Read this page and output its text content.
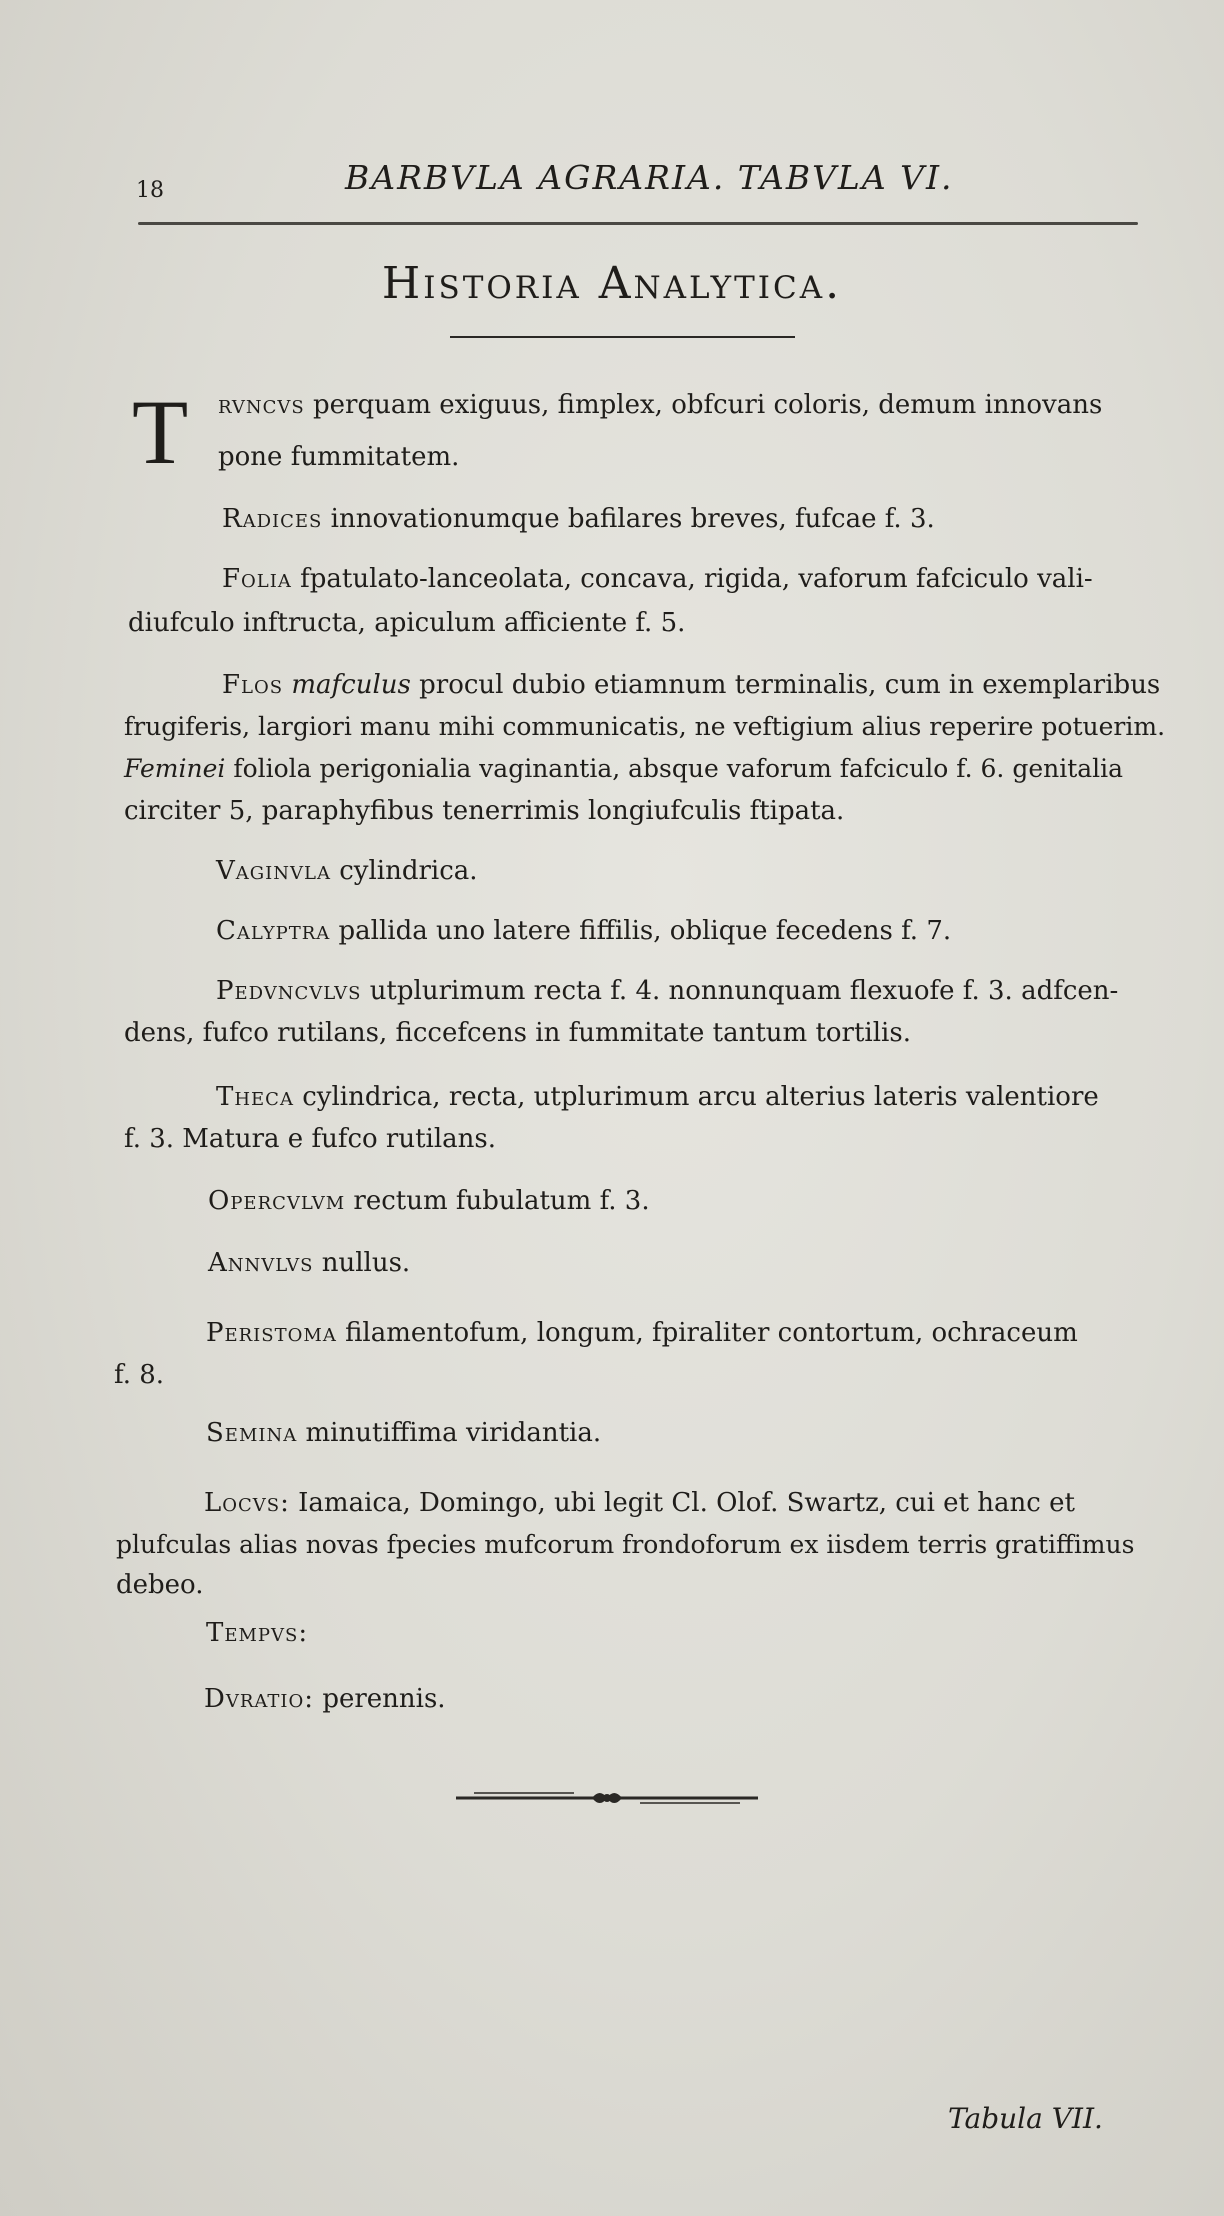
18	BARBVLA AGRARIA. TABVLA VI.
Historia Analytica.
T rvncvs perquam exiguus, fimplex, obfcuri coloris, demum innovans
pone fummitatem.
Radices innovationumque bafilares breves, fufcae f. 3.
Folia fpatulato-lanceolata, concava, rigida, vaforum fafciculo vali-
diufculo inftructa, apiculum afficiente f. 5.
Flos mafculus procul dubio etiamnum terminalis, cum in exemplaribus
frugiferis, largiori manu mihi communicatis, ne veftigium alius reperire potuerim.
Feminei foliola perigonialia vaginantia, absque vaforum fafciculo f. 6. genitalia
circiter 5, paraphyfibus tenerrimis longiufculis ftipata.
Vaginvla cylindrica.
Calyptra pallida uno latere fiffilis, oblique fecedens f. 7.
Pedvncvlvs utplurimum recta f. 4. nonnunquam flexuofe f. 3. adfcen-
dens, fufco rutilans, ficcefcens in fummitate tantum tortilis.
Theca cylindrica, recta, utplurimum arcu alterius lateris valentiore
f. 3. Matura e fufco rutilans.
Opercvlvm rectum fubulatum f. 3.
Annvlvs nullus.
Peristoma filamentofum, longum, fpiraliter contortum, ochraceum
f. 8.
Semina minutiffima viridantia.
Locvs: Iamaica, Domingo, ubi legit Cl. Olof. Swartz, cui et hanc et
plufculas alias novas fpecies mufcorum frondoforum ex iisdem terris gratiffimus
debeo.
Tempvs:
Dvratio: perennis.
Tabula VII.
